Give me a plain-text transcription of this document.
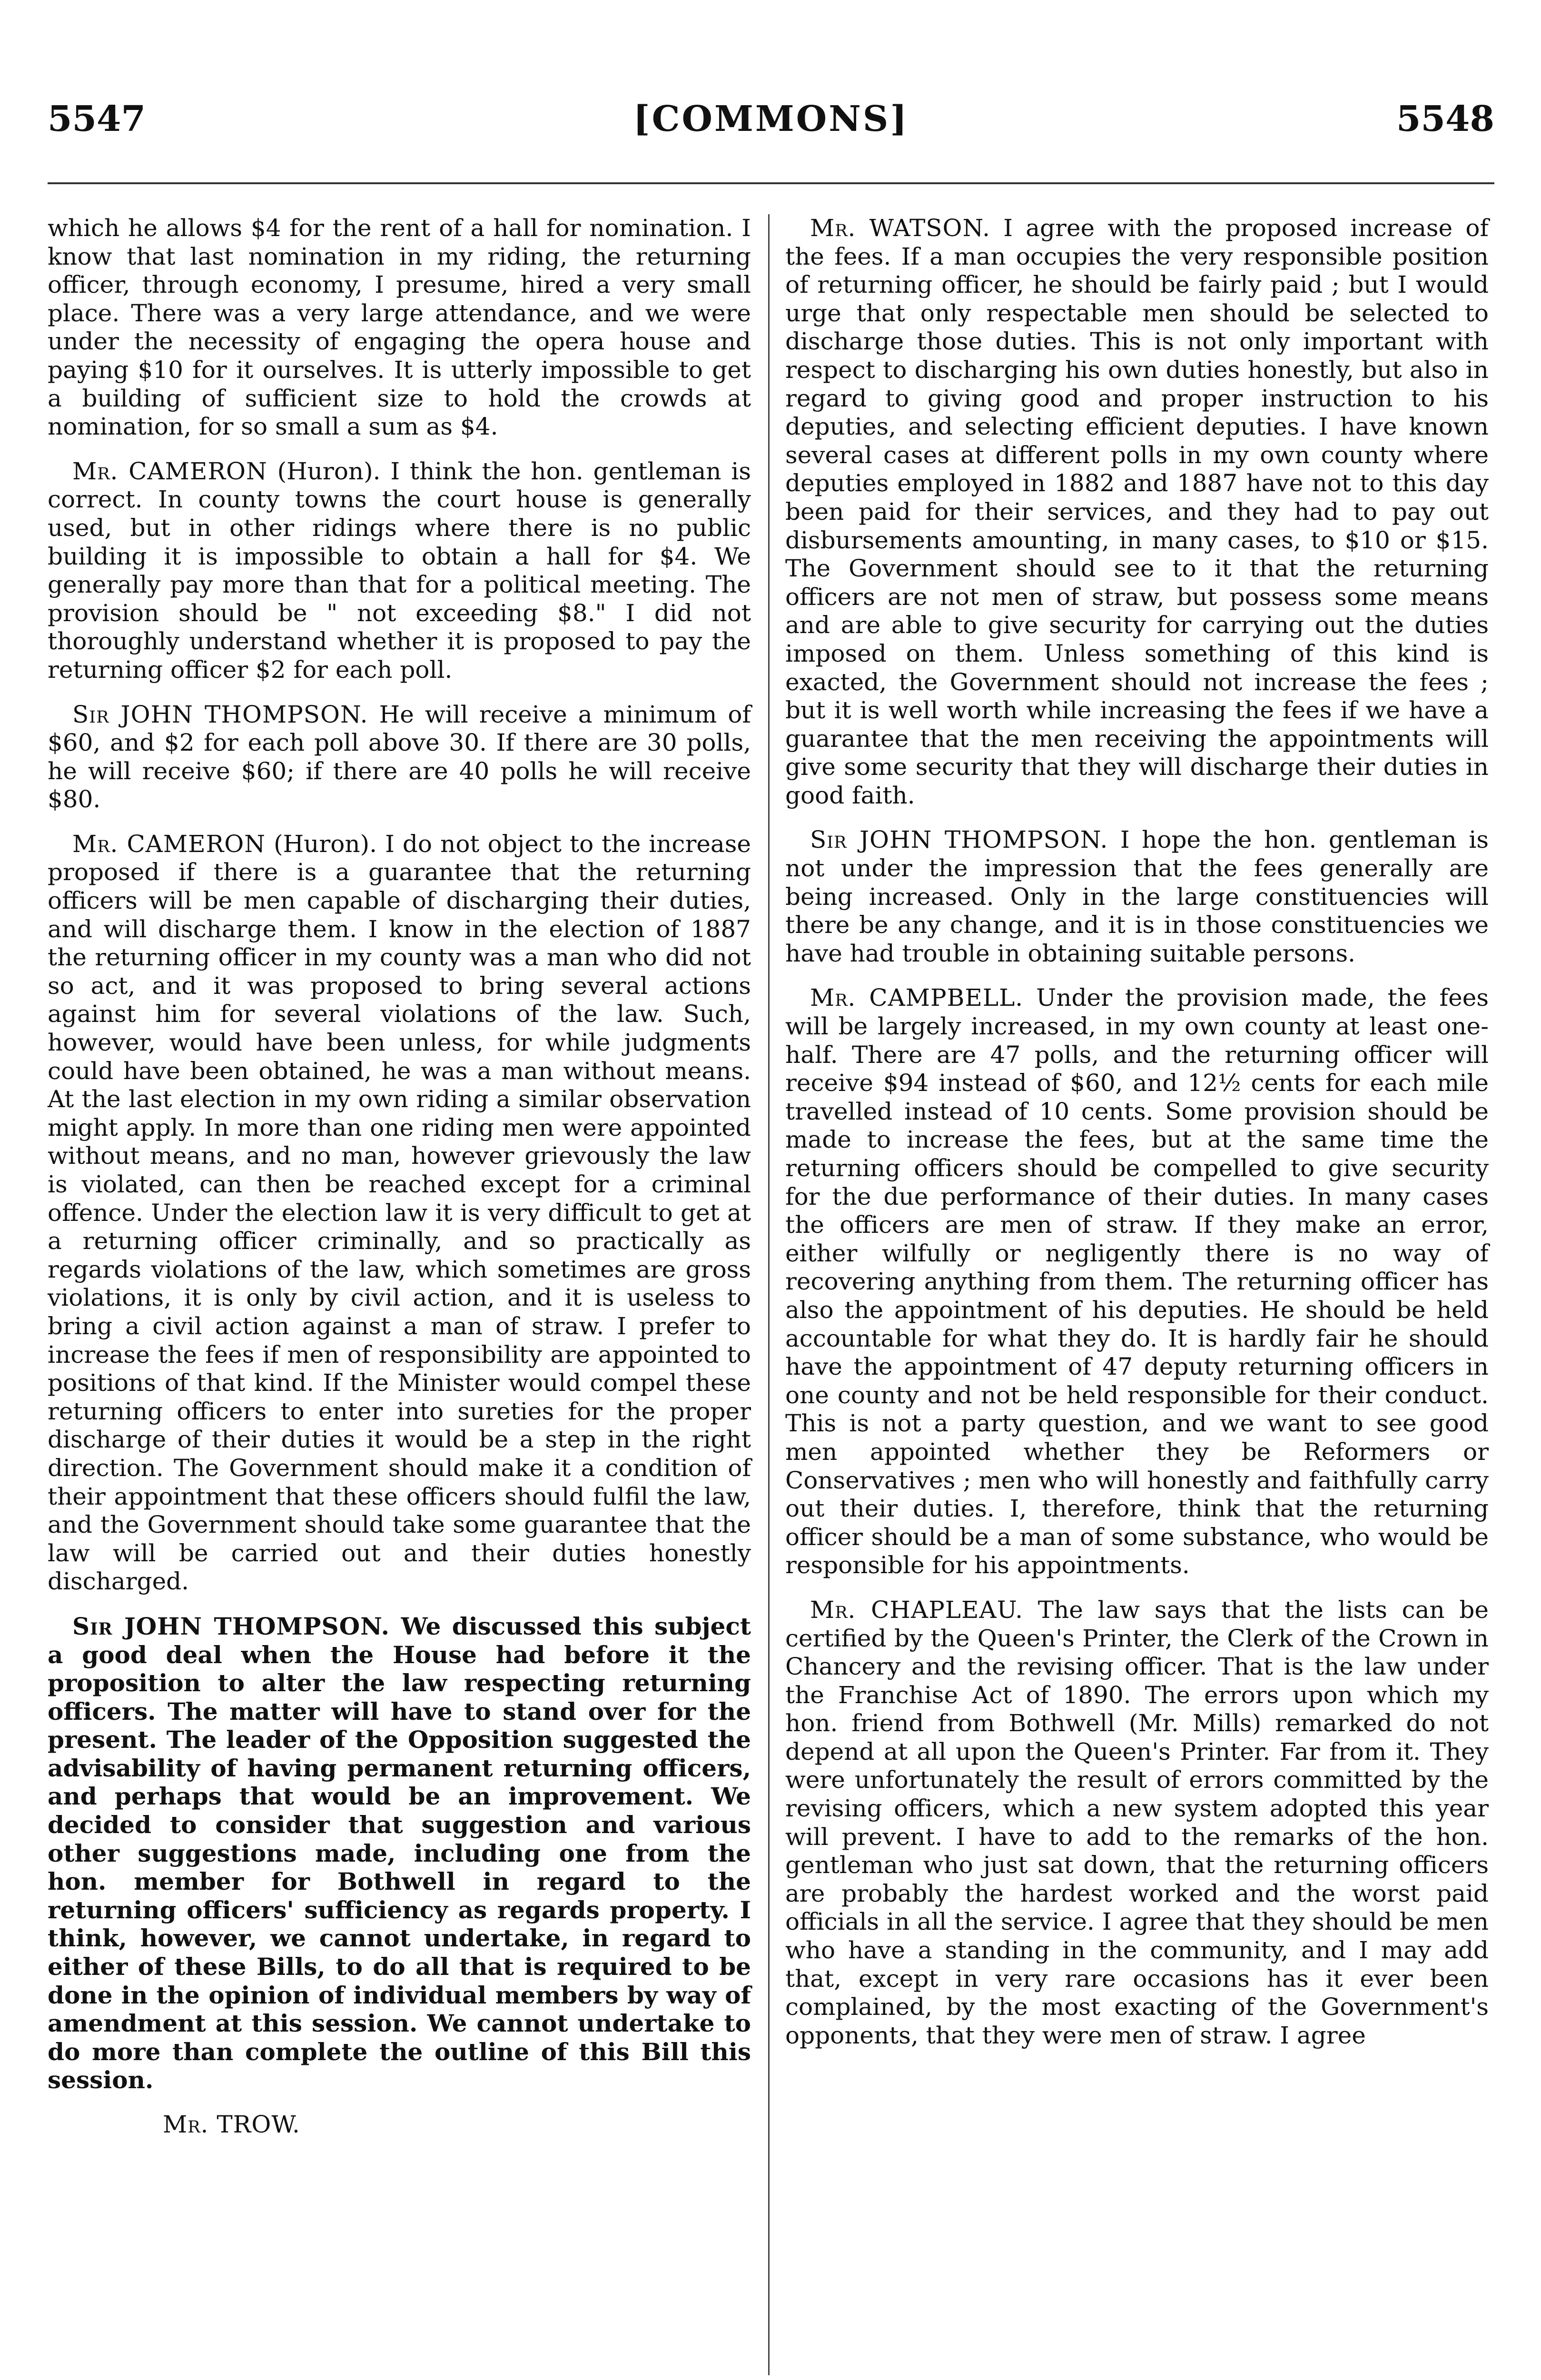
[COMMONS]
5547	5548

which he allows $4 for the rent of a hall for nomination. I know that last nomination in my riding, the returning officer, through economy, I presume, hired a very small place. There was a very large attendance, and we were under the necessity of engaging the opera house and paying $10 for it ourselves. It is utterly impossible to get a building of sufficient size to hold the crowds at nomination, for so small a sum as $4.

Mr. CAMERON (Huron). I think the hon. gentleman is correct. In county towns the court house is generally used, but in other ridings where there is no public building it is impossible to obtain a hall for $4. We generally pay more than that for a political meeting. The provision should be " not exceeding $8." I did not thoroughly understand whether it is proposed to pay the returning officer $2 for each poll.

Sir JOHN THOMPSON. He will receive a minimum of $60, and $2 for each poll above 30. If there are 30 polls, he will receive $60; if there are 40 polls he will receive $80.

Mr. CAMERON (Huron). I do not object to the increase proposed if there is a guarantee that the returning officers will be men capable of discharging their duties, and will discharge them. I know in the election of 1887 the returning officer in my county was a man who did not so act, and it was proposed to bring several actions against him for several violations of the law. Such, however, would have been unless, for while judgments could have been obtained, he was a man without means. At the last election in my own riding a similar observation might apply. In more than one riding men were appointed without means, and no man, however grievously the law is violated, can then be reached except for a criminal offence. Under the election law it is very difficult to get at a returning officer criminally, and so practically as regards violations of the law, which sometimes are gross violations, it is only by civil action, and it is useless to bring a civil action against a man of straw. I prefer to increase the fees if men of responsibility are appointed to positions of that kind. If the Minister would compel these returning officers to enter into sureties for the proper discharge of their duties it would be a step in the right direction. The Government should make it a condition of their appointment that these officers should fulfil the law, and the Government should take some guarantee that the law will be carried out and their duties honestly discharged.

Sir JOHN THOMPSON. We discussed this subject a good deal when the House had before it the proposition to alter the law respecting returning officers. The matter will have to stand over for the present. The leader of the Opposition suggested the advisability of having permanent returning officers, and perhaps that would be an improvement. We decided to consider that suggestion and various other suggestions made, including one from the hon. member for Bothwell in regard to the returning officers' sufficiency as regards property. I think, however, we cannot undertake, in regard to either of these Bills, to do all that is required to be done in the opinion of individual members by way of amendment at this session. We cannot undertake to do more than complete the outline of this Bill this session.

Mr. TROW.

Mr. WATSON. I agree with the proposed increase of the fees. If a man occupies the very responsible position of returning officer, he should be fairly paid ; but I would urge that only respectable men should be selected to discharge those duties. This is not only important with respect to discharging his own duties honestly, but also in regard to giving good and proper instruction to his deputies, and selecting efficient deputies. I have known several cases at different polls in my own county where deputies employed in 1882 and 1887 have not to this day been paid for their services, and they had to pay out disbursements amounting, in many cases, to $10 or $15. The Government should see to it that the returning officers are not men of straw, but possess some means and are able to give security for carrying out the duties imposed on them. Unless something of this kind is exacted, the Government should not increase the fees ; but it is well worth while increasing the fees if we have a guarantee that the men receiving the appointments will give some security that they will discharge their duties in good faith.

Sir JOHN THOMPSON. I hope the hon. gentleman is not under the impression that the fees generally are being increased. Only in the large constituencies will there be any change, and it is in those constituencies we have had trouble in obtaining suitable persons.

Mr. CAMPBELL. Under the provision made, the fees will be largely increased, in my own county at least one-half. There are 47 polls, and the returning officer will receive $94 instead of $60, and 12½ cents for each mile travelled instead of 10 cents. Some provision should be made to increase the fees, but at the same time the returning officers should be compelled to give security for the due performance of their duties. In many cases the officers are men of straw. If they make an error, either wilfully or negligently there is no way of recovering anything from them. The returning officer has also the appointment of his deputies. He should be held accountable for what they do. It is hardly fair he should have the appointment of 47 deputy returning officers in one county and not be held responsible for their conduct. This is not a party question, and we want to see good men appointed whether they be Reformers or Conservatives ; men who will honestly and faithfully carry out their duties. I, therefore, think that the returning officer should be a man of some substance, who would be responsible for his appointments.

Mr. CHAPLEAU. The law says that the lists can be certified by the Queen's Printer, the Clerk of the Crown in Chancery and the revising officer. That is the law under the Franchise Act of 1890. The errors upon which my hon. friend from Bothwell (Mr. Mills) remarked do not depend at all upon the Queen's Printer. Far from it. They were unfortunately the result of errors committed by the revising officers, which a new system adopted this year will prevent. I have to add to the remarks of the hon. gentleman who just sat down, that the returning officers are probably the hardest worked and the worst paid officials in all the service. I agree that they should be men who have a standing in the community, and I may add that, except in very rare occasions has it ever been complained, by the most exacting of the Government's opponents, that they were men of straw. I agree
